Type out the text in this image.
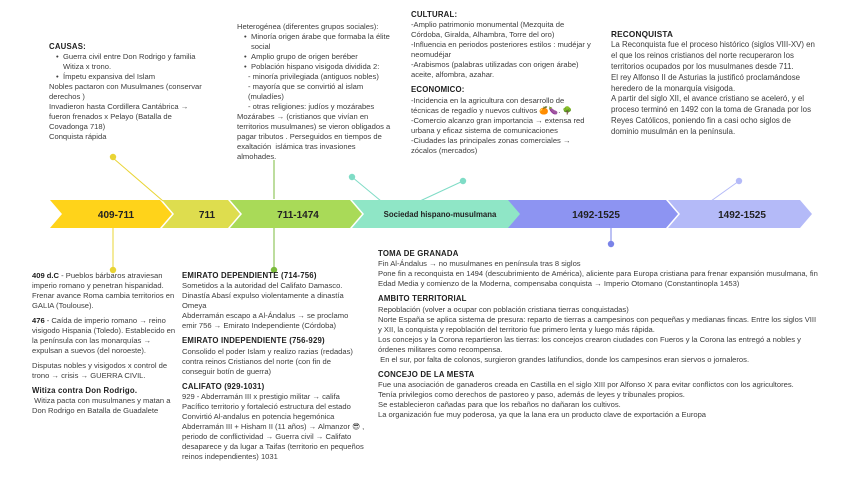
409-711	711	711-1474	Sociedad hispano-musulmana	1492-1525	1492-1525
CAUSAS:
• Guerra civil entre Don Rodrigo y familia Witiza x trono.
• Ímpetu expansiva del Islam
Nobles pactaron con Musulmanes (conservar derechos )
Invadieron hasta Cordillera Cantábrica → fueron frenados x Pelayo (Batalla de Covadonga 718)
Conquista rápida
Heterogénea (diferentes grupos sociales):
• Minoría origen árabe que formaba la élite social
• Amplio grupo de origen beréber
• Población hispano visigoda dividida 2:
- minoría privilegiada (antiguos nobles)
- mayoría que se convirtió al islam (muladíes)
- otras religiones: judíos y mozárabes
Mozárabes → (cristianos que vivían en territorios musulmanes) se vieron obligados a pagar tributos . Perseguidos en tiempos de exaltación  islámica tras invasiones almohades.
CULTURAL:
-Amplio patrimonio monumental (Mezquita de Córdoba, Giralda, Alhambra, Torre del oro)
-Influencia en periodos posteriores estilos : mudéjar y neomudéjar
-Arabismos (palabras utilizadas con origen árabe) aceite, alfombra, azahar.
ECONOMICO:
-Incidencia en la agricultura con desarrollo de técnicas de regadío y nuevos cultivos 🍊🍆. 🌳
-Comercio alcanzo gran importancia → extensa red urbana y eficaz sistema de comunicaciones
-Ciudades las principales zonas comerciales → zócalos (mercados)
RECONQUISTA
La Reconquista fue el proceso histórico (siglos VIII-XV) en el que los reinos cristianos del norte recuperaron los territorios ocupados por los musulmanes desde 711.
El rey Alfonso II de Asturias la justificó proclamándose heredero de la monarquía visigoda.
A partir del siglo XII, el avance cristiano se aceleró, y el proceso terminó en 1492 con la toma de Granada por los Reyes Católicos, poniendo fin a casi ocho siglos de dominio musulmán en la península.
409 d.C - Pueblos bárbaros atraviesan imperio romano y penetran hispanidad. Frenar avance Roma cambia territorios en GALIA (Toulouse).
476 - Caída de imperio romano → reino visigodo Hispania (Toledo). Establecido en la península con las monarquías → expulsan a suevos (del noroeste).
Disputas nobles y visigodos x control de trono → crisis → GUERRA CIVIL.
Witiza contra Don Rodrigo.
Witiza pacta con musulmanes y matan a Don Rodrigo en Batalla de Guadalete
EMIRATO DEPENDIENTE (714-756)
Sometidos a la autoridad del Califato Damasco.
Dinastía Abasí expulso violentamente a dinastía Omeya
Abderramán escapo a Al-Ándalus → se proclamo emir 756 → Emirato Independiente (Córdoba)
EMIRATO INDEPENDIENTE (756-929)
Consolido el poder Islam y realizo razias (redadas) contra reinos Cristianos del norte (con fin de conseguir botín de guerra)
CALIFATO (929-1031)
929 - Abderramán III x prestigio militar → califa Pacífico territorio y fortaleció estructura del estado Convirtió Al-andalus en potencia hegemónica Abderramán III + Hisham II (11 años) → Almanzor 😎 , periodo de conflictividad → Guerra civil → Califato desaparece y da lugar a Taifas (territorio en pequeños reinos independientes) 1031
TOMA DE GRANADA
Fin Al-Ándalus → no musulmanes en península tras 8 siglos
Pone fin a reconquista en 1494 (descubrimiento de América), aliciente para Europa cristiana para frenar expansión musulmana, fin Edad Media y comienzo de la Moderna, compensaba conquista → Imperio Otomano (Constantinopla 1453)
AMBITO TERRITORIAL
Repoblación (volver a ocupar con población cristiana tierras conquistadas)
Norte España se aplica sistema de presura: reparto de tierras a campesinos con pequeñas y medianas fincas. Entre los siglos VIII y XII, la conquista y repoblación del territorio fue primero lenta y luego más rápida.
Los concejos y la Corona repartieron las tierras: los concejos crearon ciudades con Fueros y la Corona las entregó a nobles y órdenes militares como recompensa.
En el sur, por falta de colonos, surgieron grandes latifundios, donde los campesinos eran siervos o jornaleros.
CONCEJO DE LA MESTA
Fue una asociación de ganaderos creada en Castilla en el siglo XIII por Alfonso X para evitar conflictos con los agricultores.
Tenía privilegios como derechos de pastoreo y paso, además de leyes y tribunales propios.
Se establecieron cañadas para que los rebaños no dañaran los cultivos.
La organización fue muy poderosa, ya que la lana era un producto clave de exportación a Europa
